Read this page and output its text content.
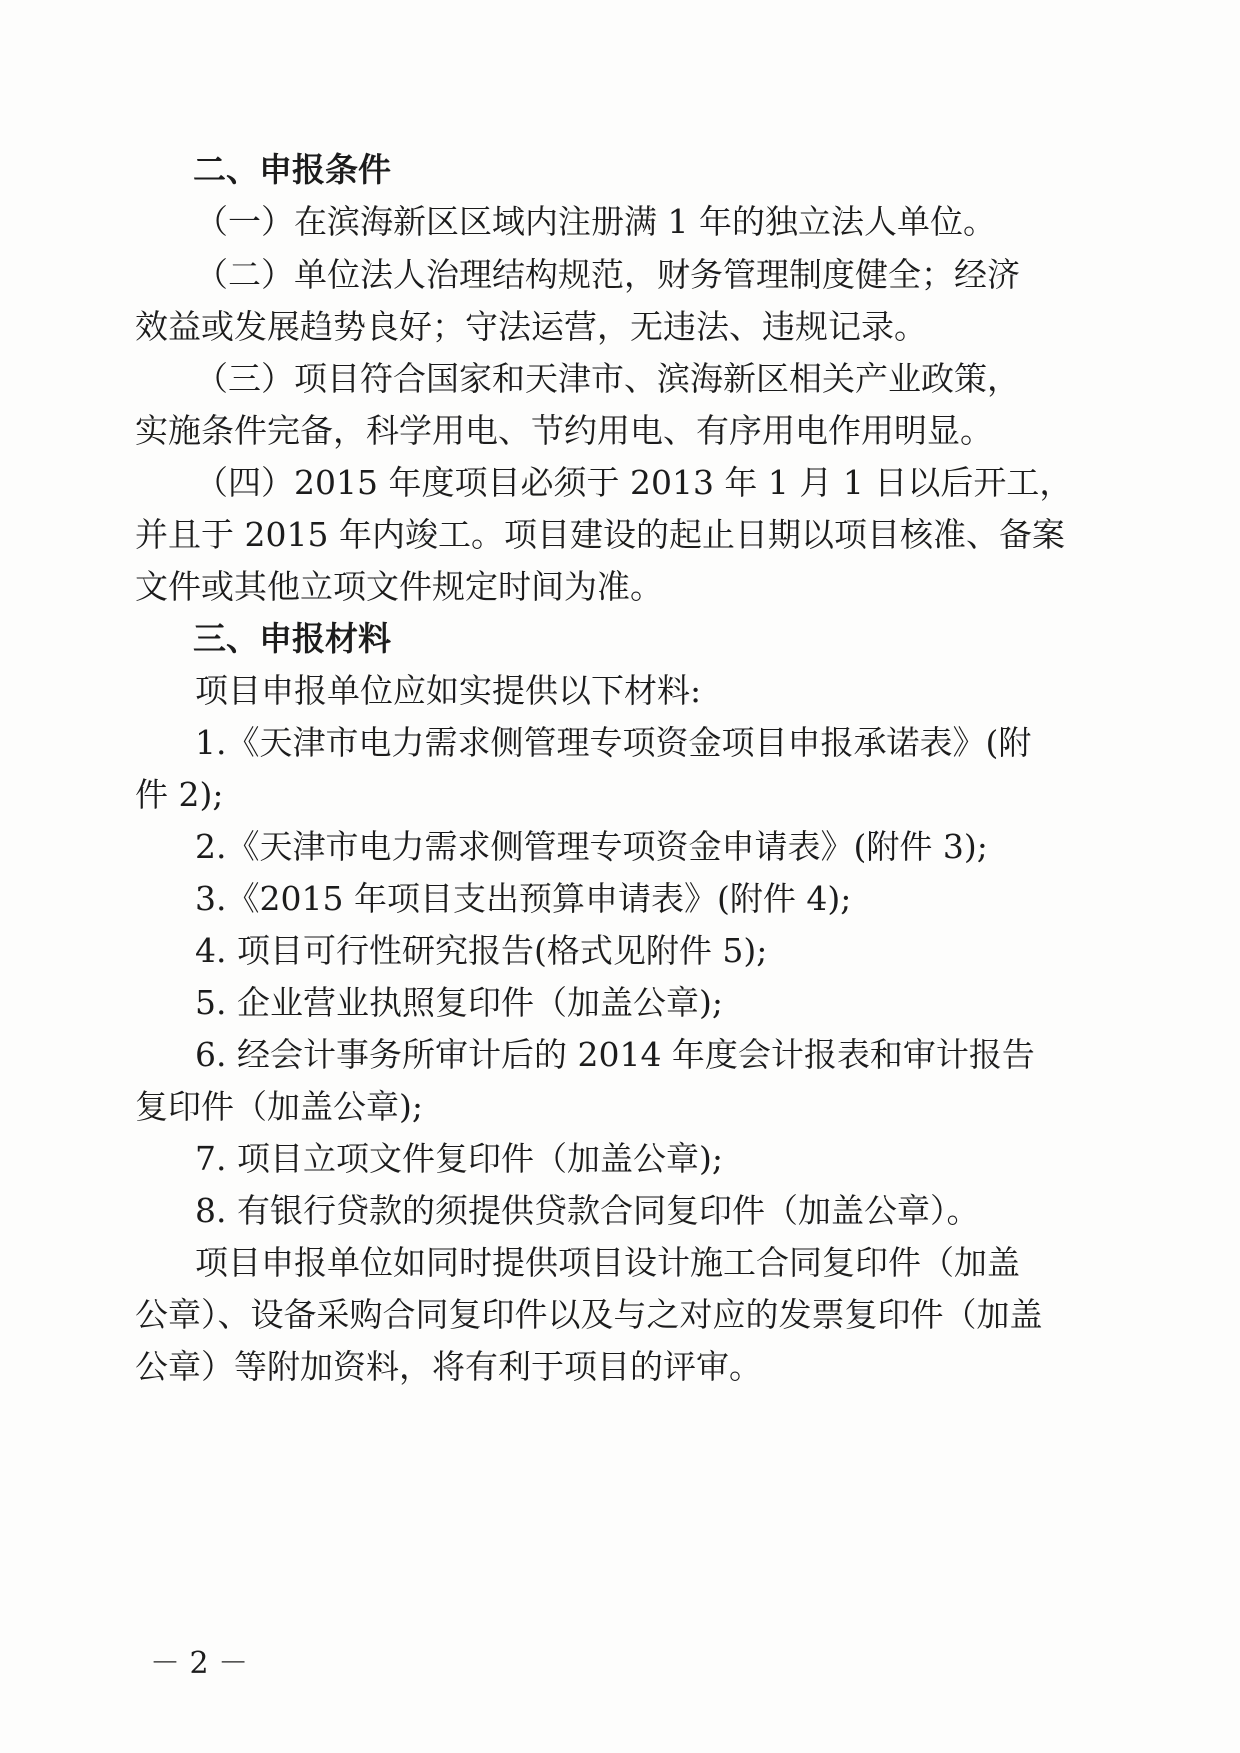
二、申报条件
（一）在滨海新区区域内注册满 1 年的独立法人单位。
（二）单位法人治理结构规范，财务管理制度健全；经济
效益或发展趋势良好；守法运营，无违法、违规记录。
（三）项目符合国家和天津市、滨海新区相关产业政策，
实施条件完备，科学用电、节约用电、有序用电作用明显。
（四）2015 年度项目必须于 2013 年 1 月 1 日以后开工，
并且于 2015 年内竣工。项目建设的起止日期以项目核准、备案
文件或其他立项文件规定时间为准。
三、申报材料
项目申报单位应如实提供以下材料:
1.《天津市电力需求侧管理专项资金项目申报承诺表》(附
件 2);
2.《天津市电力需求侧管理专项资金申请表》(附件 3);
3.《2015 年项目支出预算申请表》(附件 4);
4. 项目可行性研究报告(格式见附件 5);
5. 企业营业执照复印件（加盖公章);
6. 经会计事务所审计后的 2014 年度会计报表和审计报告
复印件（加盖公章);
7. 项目立项文件复印件（加盖公章);
8. 有银行贷款的须提供贷款合同复印件（加盖公章）。
项目申报单位如同时提供项目设计施工合同复印件（加盖
公章）、设备采购合同复印件以及与之对应的发票复印件（加盖
公章）等附加资料，将有利于项目的评审。
－ 2 －
